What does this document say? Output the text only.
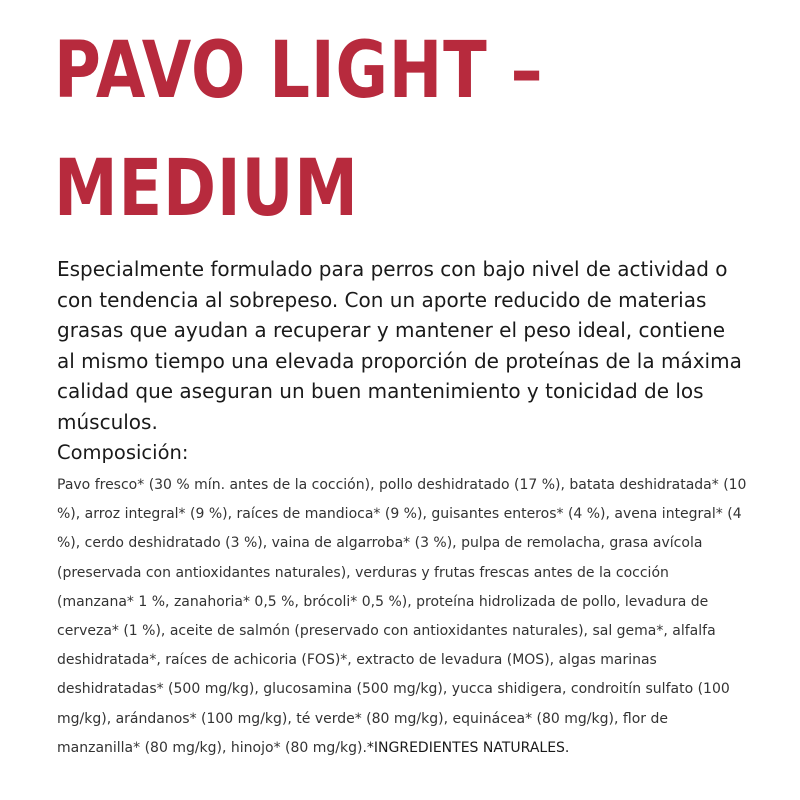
PAVO LIGHT –
MEDIUM

Especialmente formulado para perros con bajo nivel de actividad o con tendencia al sobrepeso. Con un aporte reducido de materias grasas que ayudan a recuperar y mantener el peso ideal, contiene al mismo tiempo una elevada proporción de proteínas de la máxima calidad que aseguran un buen mantenimiento y tonicidad de los músculos.

Composición:

Pavo fresco* (30 % mín. antes de la cocción), pollo deshidratado (17 %), batata deshidratada* (10 %), arroz integral* (9 %), raíces de mandioca* (9 %), guisantes enteros* (4 %), avena integral* (4 %), cerdo deshidratado (3 %), vaina de algarroba* (3 %), pulpa de remolacha, grasa avícola (preservada con antioxidantes naturales), verduras y frutas frescas antes de la cocción (manzana* 1 %, zanahoria* 0,5 %, brócoli* 0,5 %), proteína hidrolizada de pollo, levadura de cerveza* (1 %), aceite de salmón (preservado con antioxidantes naturales), sal gema*, alfalfa deshidratada*, raíces de achicoria (FOS)*, extracto de levadura (MOS), algas marinas deshidratadas* (500 mg/kg), glucosamina (500 mg/kg), yucca shidigera, condroitín sulfato (100 mg/kg), arándanos* (100 mg/kg), té verde* (80 mg/kg), equinácea* (80 mg/kg), flor de manzanilla* (80 mg/kg), hinojo* (80 mg/kg).*INGREDIENTES NATURALES.
